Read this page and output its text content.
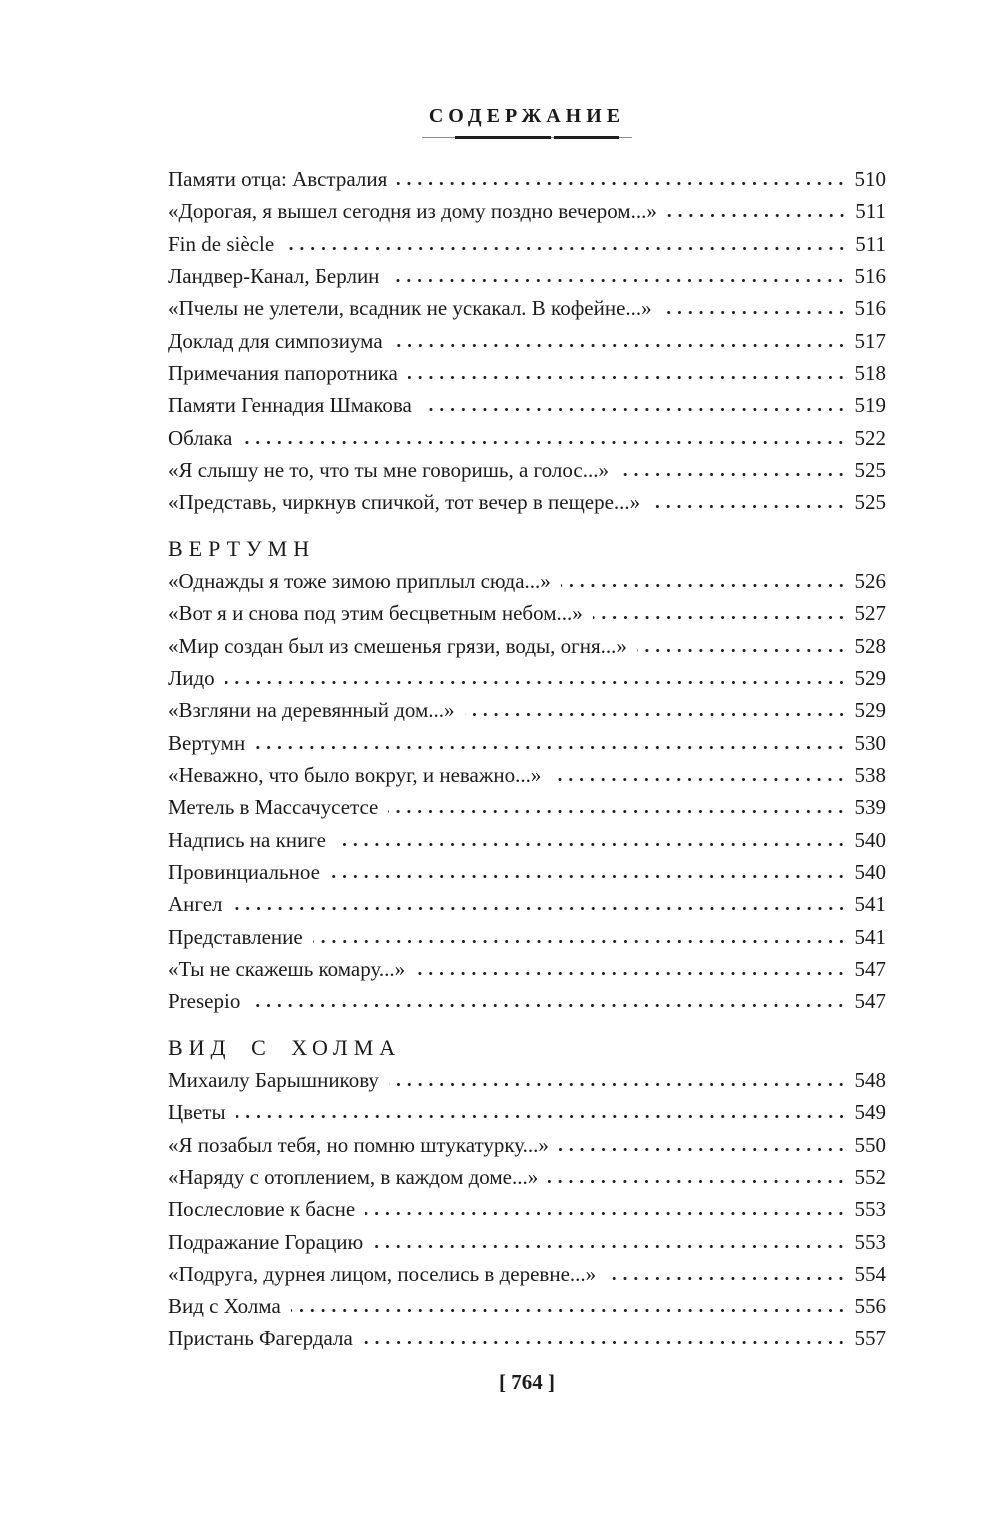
СОДЕРЖАНИЕ
Памяти отца: Австралия	510
«Дорогая, я вышел сегодня из дому поздно вечером...»	511
Fin de siècle	511
Ландвер-Канал, Берлин	516
«Пчелы не улетели, всадник не ускакал. В кофейне...»	516
Доклад для симпозиума	517
Примечания папоротника	518
Памяти Геннадия Шмакова	519
Облака	522
«Я слышу не то, что ты мне говоришь, а голос...»	525
«Представь, чиркнув спичкой, тот вечер в пещере...»	525
ВЕРТУМН
«Однажды я тоже зимою приплыл сюда...»	526
«Вот я и снова под этим бесцветным небом...»	527
«Мир создан был из смешенья грязи, воды, огня...»	528
Лидо	529
«Взгляни на деревянный дом...»	529
Вертумн	530
«Неважно, что было вокруг, и неважно...»	538
Метель в Массачусетсе	539
Надпись на книге	540
Провинциальное	540
Ангел	541
Представление	541
«Ты не скажешь комару...»	547
Presepio	547
ВИД С ХОЛМА
Михаилу Барышникову	548
Цветы	549
«Я позабыл тебя, но помню штукатурку...»	550
«Наряду с отоплением, в каждом доме...»	552
Послесловие к басне	553
Подражание Горацию	553
«Подруга, дурнея лицом, поселись в деревне...»	554
Вид с Холма	556
Пристань Фагердала	557
[ 764 ]
